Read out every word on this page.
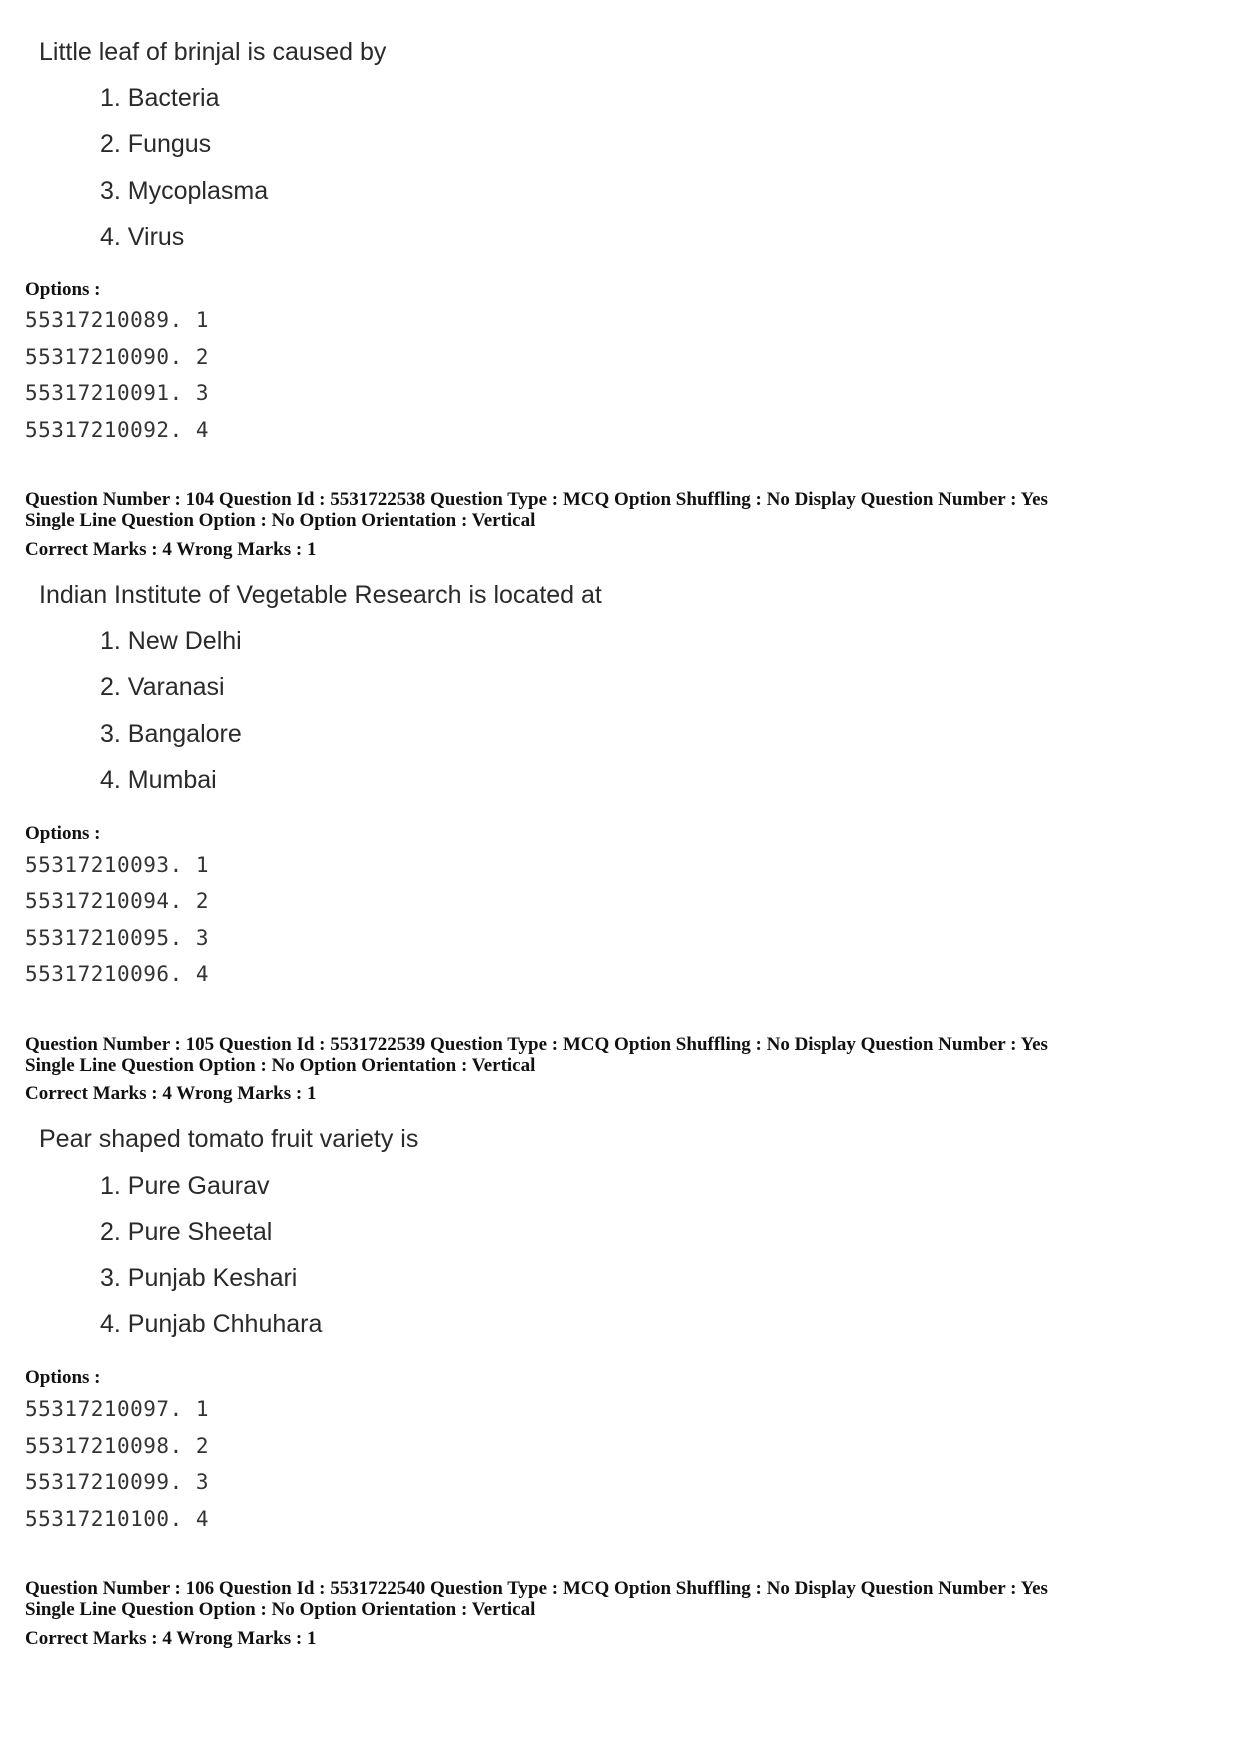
Little leaf of brinjal is caused by
1. Bacteria
2. Fungus
3. Mycoplasma
4. Virus
Options :
55317210089. 1
55317210090. 2
55317210091. 3
55317210092. 4
Question Number : 104 Question Id : 5531722538 Question Type : MCQ Option Shuffling : No Display Question Number : Yes
Single Line Question Option : No Option Orientation : Vertical
Correct Marks : 4 Wrong Marks : 1
Indian Institute of Vegetable Research is located at
1. New Delhi
2. Varanasi
3. Bangalore
4. Mumbai
Options :
55317210093. 1
55317210094. 2
55317210095. 3
55317210096. 4
Question Number : 105 Question Id : 5531722539 Question Type : MCQ Option Shuffling : No Display Question Number : Yes
Single Line Question Option : No Option Orientation : Vertical
Correct Marks : 4 Wrong Marks : 1
Pear shaped tomato fruit variety is
1. Pure Gaurav
2. Pure Sheetal
3. Punjab Keshari
4. Punjab Chhuhara
Options :
55317210097. 1
55317210098. 2
55317210099. 3
55317210100. 4
Question Number : 106 Question Id : 5531722540 Question Type : MCQ Option Shuffling : No Display Question Number : Yes
Single Line Question Option : No Option Orientation : Vertical
Correct Marks : 4 Wrong Marks : 1
